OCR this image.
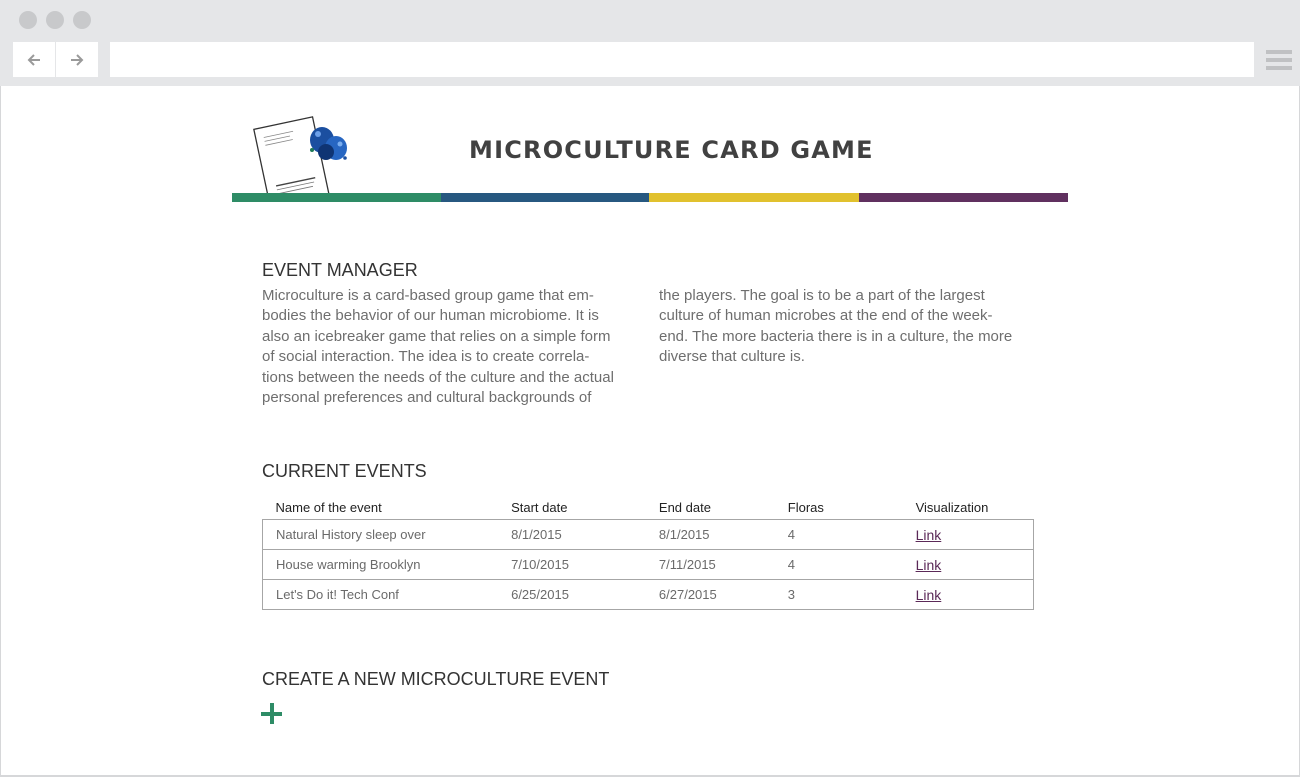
MICROCULTURE CARD GAME
EVENT MANAGER

Microculture is a card-based group game that em-
bodies the behavior of our human microbiome. It is
also an icebreaker game that relies on a simple form
of social interaction. The idea is to create correla-
tions between the needs of the culture and the actual
personal preferences and cultural backgrounds of

the players. The goal is to be a part of the largest
culture of human microbes at the end of the week-
end. The more bacteria there is in a culture, the more
diverse that culture is.

CURRENT EVENTS
Name of the event	Start date	End date	Floras	Visualization
Natural History sleep over	8/1/2015	8/1/2015	4	Link
House warming Brooklyn	7/10/2015	7/11/2015	4	Link
Let's Do it! Tech Conf	6/25/2015	6/27/2015	3	Link
CREATE A NEW MICROCULTURE EVENT
